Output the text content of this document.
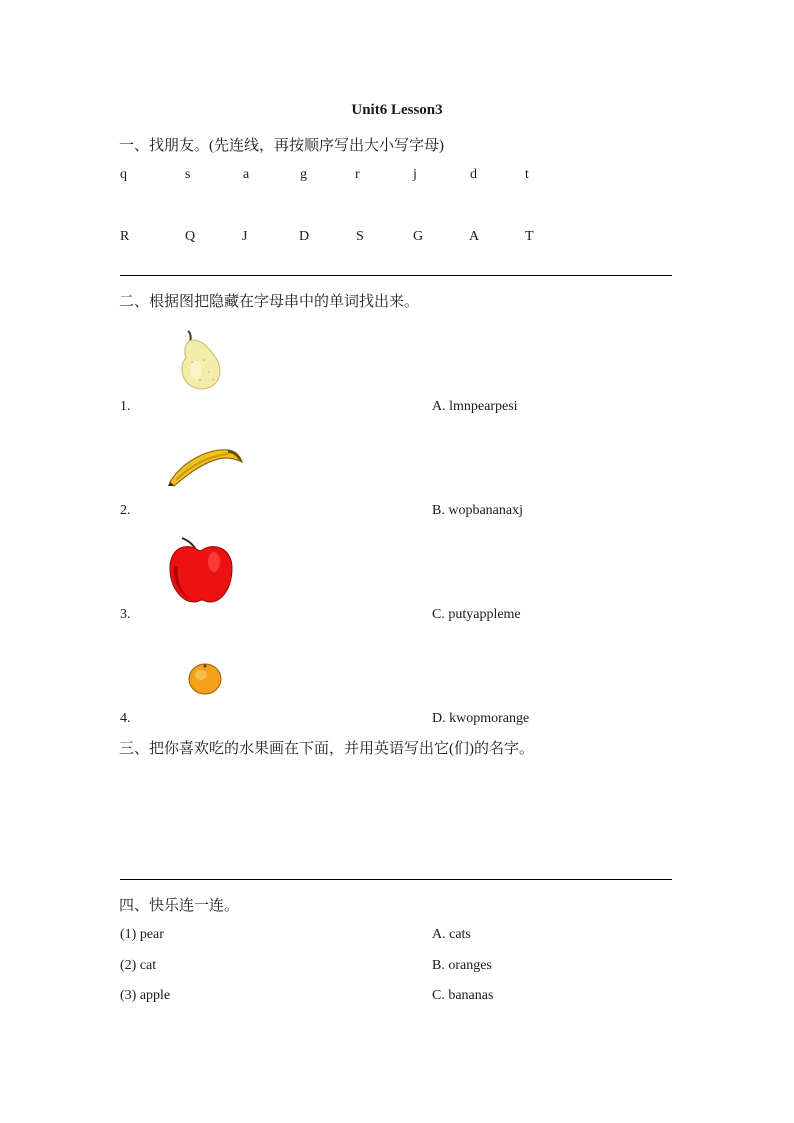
Unit6 Lesson3
一、找朋友。(先连线，再按顺序写出大小写字母)
q	s	a	g	r	j	d	t
R	Q	J	D	S	G	A	T
二、根据图把隐藏在字母串中的单词找出来。
1.	A. lmnpearpesi
2.	B. wopbananaxj
3.	C. putyappleme
4.	D. kwopmorange
三、把你喜欢吃的水果画在下面，并用英语写出它(们)的名字。
四、快乐连一连。
(1) pear	A. cats
(2) cat	B. oranges
(3) apple	C. bananas
